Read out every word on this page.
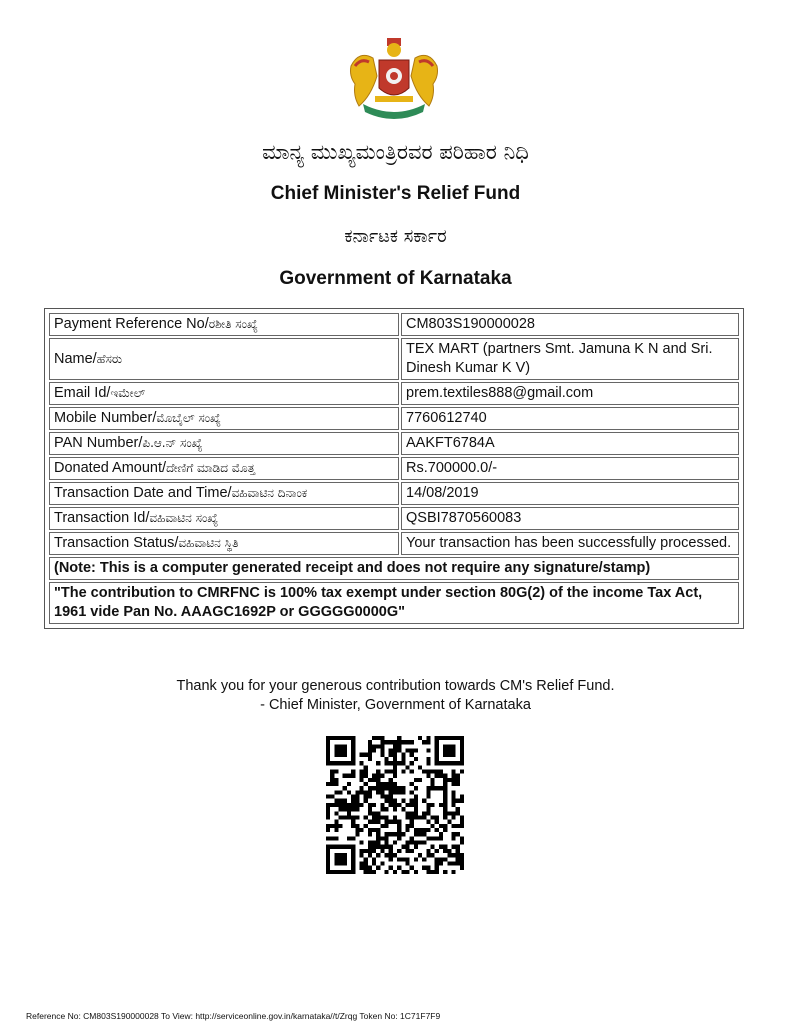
ಮಾನ್ಯ ಮುಖ್ಯಮಂತ್ರಿರವರ ಪರಿಹಾರ ನಿಧಿ
Chief Minister's Relief Fund
ಕರ್ನಾಟಕ ಸರ್ಕಾರ
Government of Karnataka
Payment Reference No/ರಶೀತಿ ಸಂಖ್ಯೆ	CM803S190000028
Name/ಹೆಸರು	TEX MART (partners Smt. Jamuna K N and Sri. Dinesh Kumar K V)
Email Id/ಇಮೇಲ್	prem.textiles888@gmail.com
Mobile Number/ಮೊಬೈಲ್ ಸಂಖ್ಯೆ	7760612740
PAN Number/ಪಿ.ಆ.ನ್ ಸಂಖ್ಯೆ	AAKFT6784A
Donated Amount/ದೇಣಿಗೆ ಮಾಡಿದ ಮೊತ್ತ	Rs.700000.0/-
Transaction Date and Time/ವಹಿವಾಟಿನ ದಿನಾಂಕ	14/08/2019
Transaction Id/ವಹಿವಾಟಿನ ಸಂಖ್ಯೆ	QSBI7870560083
Transaction Status/ವಹಿವಾಟಿನ ಸ್ಥಿತಿ	Your transaction has been successfully processed.
(Note: This is a computer generated receipt and does not require any signature/stamp)	
"The contribution to CMRFNC is 100% tax exempt under section 80G(2) of the income Tax Act, 1961 vide Pan No. AAAGC1692P or GGGGG0000G"	
Thank you for your generous contribution towards CM's Relief Fund.
- Chief Minister, Government of Karnataka
Reference No: CM803S190000028 To View: http://serviceonline.gov.in/karnataka//t/Zrqg Token No: 1C71F7F9
